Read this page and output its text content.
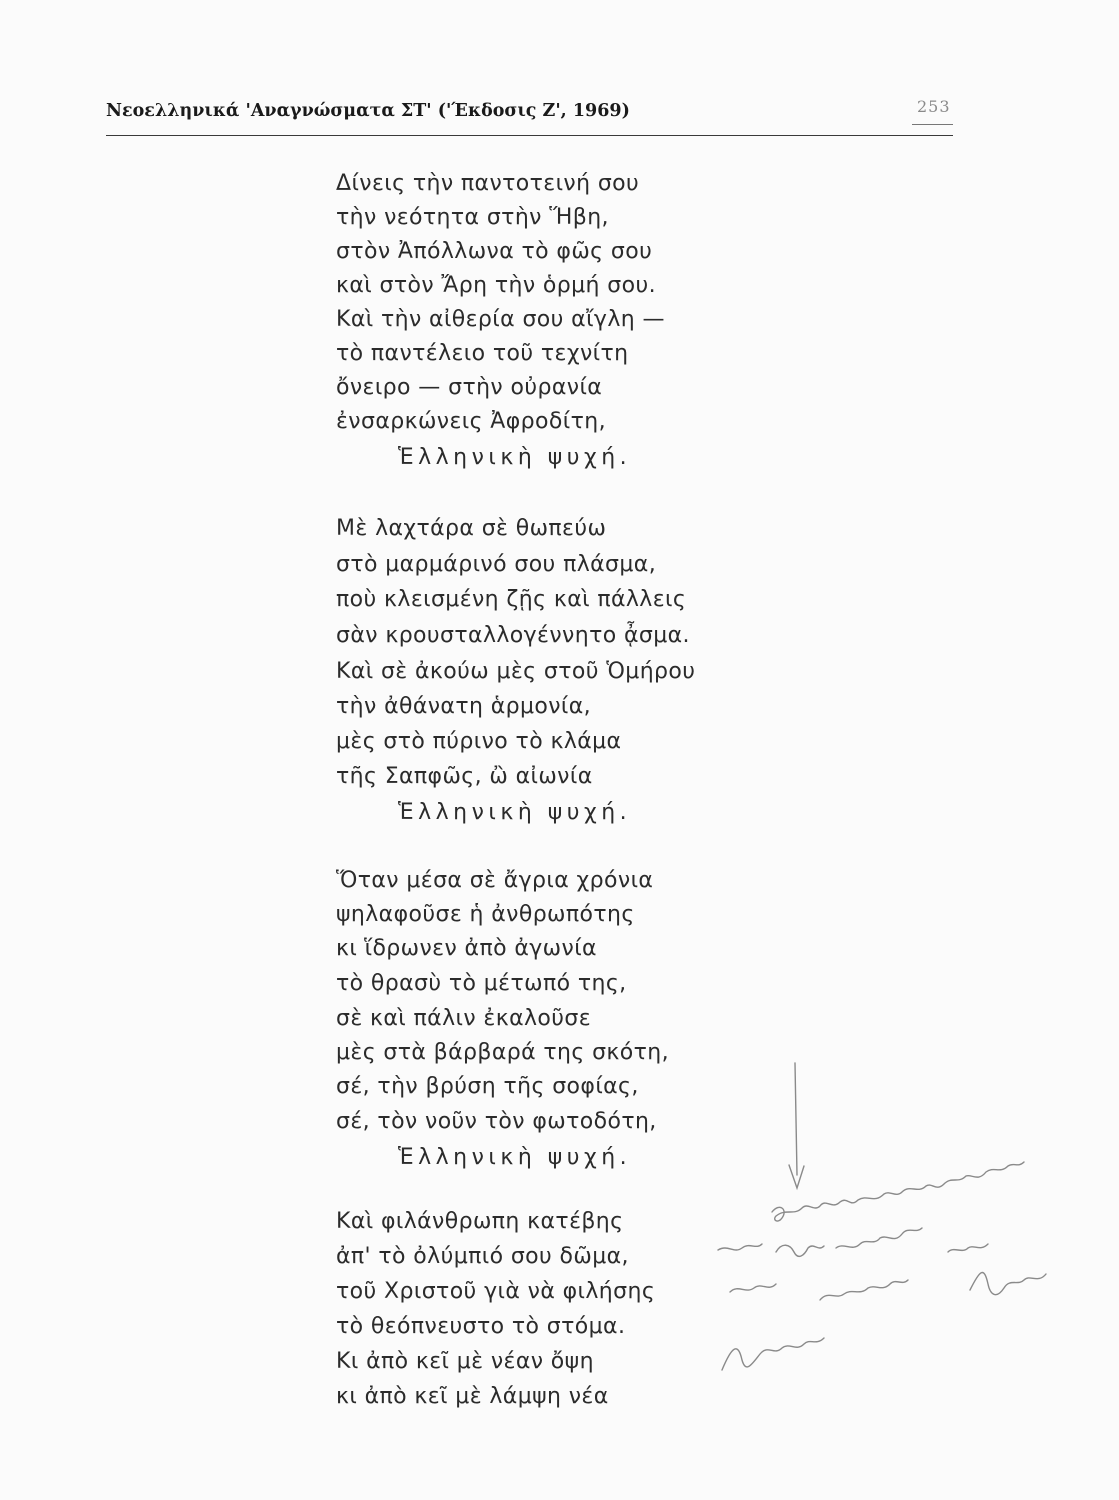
Νεοελληνικά 'Αναγνώσματα ΣΤ' ('Έκδοσις Ζ', 1969)	253
Δίνεις τὴν παντοτεινή σου
τὴν νεότητα στὴν Ἥβη,
στὸν Ἀπόλλωνα τὸ φῶς σου
καὶ στὸν Ἄρη τὴν ὁρμή σου.
Καὶ τὴν αἰθερία σου αἴγλη —
τὸ παντέλειο τοῦ τεχνίτη
ὄνειρο — στὴν οὐρανία
ἐνσαρκώνεις Ἀφροδίτη,
Ἑλληνικὴ ψυχή.
Μὲ λαχτάρα σὲ θωπεύω
στὸ μαρμάρινό σου πλάσμα,
ποὺ κλεισμένη ζῇς καὶ πάλλεις
σὰν κρουσταλλογέννητο ᾆσμα.
Καὶ σὲ ἀκούω μὲς στοῦ Ὁμήρου
τὴν ἀθάνατη ἁρμονία,
μὲς στὸ πύρινο τὸ κλάμα
τῆς Σαπφῶς, ὢ αἰωνία
Ἑλληνικὴ ψυχή.
Ὅταν μέσα σὲ ἄγρια χρόνια
ψηλαφοῦσε ἡ ἀνθρωπότης
κι ἵδρωνεν ἀπὸ ἀγωνία
τὸ θρασὺ τὸ μέτωπό της,
σὲ καὶ πάλιν ἐκαλοῦσε
μὲς στὰ βάρβαρά της σκότη,
σέ, τὴν βρύση τῆς σοφίας,
σέ, τὸν νοῦν τὸν φωτοδότη,
Ἑλληνικὴ ψυχή.
Καὶ φιλάνθρωπη κατέβης
ἀπ' τὸ ὀλύμπιό σου δῶμα,
τοῦ Χριστοῦ γιὰ νὰ φιλήσης
τὸ θεόπνευστο τὸ στόμα.
Κι ἀπὸ κεῖ μὲ νέαν ὄψη
κι ἀπὸ κεῖ μὲ λάμψη νέα
